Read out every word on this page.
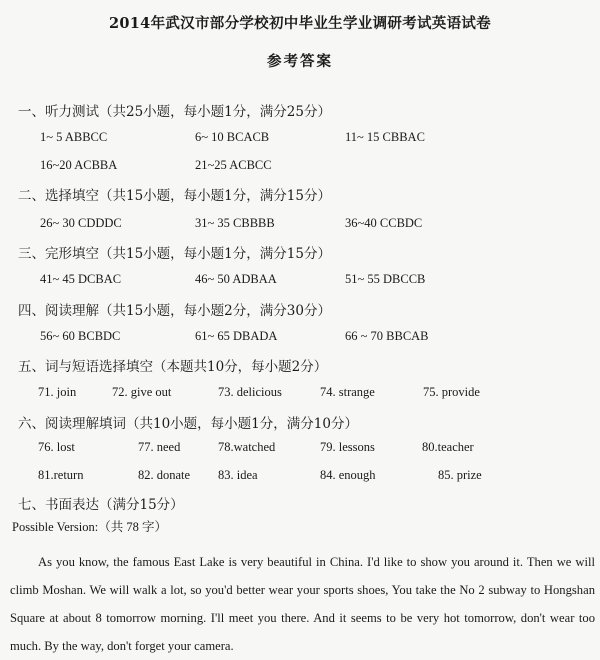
2014年武汉市部分学校初中毕业生学业调研考试英语试卷
参考答案
一、听力测试（共25小题，每小题1分，满分25分）
1~ 5 ABBCC	6~ 10 BCACB	11~ 15 CBBAC
16~20 ACBBA	21~25 ACBCC
二、选择填空（共15小题，每小题1分，满分15分）
26~ 30 CDDDC	31~ 35 CBBBB	36~40 CCBDC
三、完形填空（共15小题，每小题1分，满分15分）
41~ 45 DCBAC	46~ 50 ADBAA	51~ 55 DBCCB
四、阅读理解（共15小题，每小题2分，满分30分）
56~ 60 BCBDC	61~ 65 DBADA	66 ~ 70 BBCAB
五、词与短语选择填空（本题共10分，每小题2分）
71. join	72. give out	73. delicious	74. strange	75. provide
六、阅读理解填词（共10小题，每小题1分，满分10分）
76. lost	77. need	78.watched	79. lessons	80.teacher
81.return	82. donate 83. idea	84. enough	85. prize
七、书面表达（满分15分）
Possible Version:（共 78 字）

As you know, the famous East Lake is very beautiful in China. I'd like to show you around it. Then we will climb Moshan. We will walk a lot, so you'd better wear your sports shoes, You take the No 2 subway to Hongshan Square at about 8 tomorrow morning. I'll meet you there. And it seems to be very hot tomorrow, don't wear too much. By the way, don't forget your camera.
